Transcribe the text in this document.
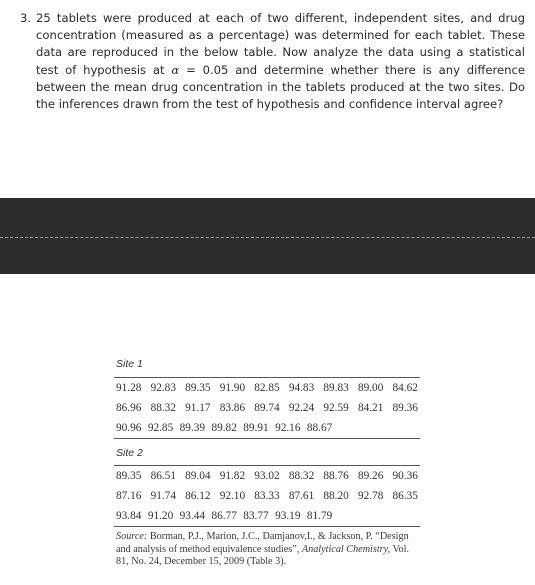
3. 25 tablets were produced at each of two different, independent sites, and drug concentration (measured as a percentage) was determined for each tablet. These data are reproduced in the below table. Now analyze the data using a statistical test of hypothesis at α = 0.05 and determine whether there is any difference between the mean drug concentration in the tablets produced at the two sites. Do the inferences drawn from the test of hypothesis and confidence interval agree?
Site 1
91.28 92.83 89.35 91.90 82.85 94.83 89.83 89.00 84.62
86.96 88.32 91.17 83.86 89.74 92.24 92.59 84.21 89.36
90.96 92.85 89.39 89.82 89.91 92.16 88.67
Site 2
89.35 86.51 89.04 91.82 93.02 88.32 88.76 89.26 90.36
87.16 91.74 86.12 92.10 83.33 87.61 88.20 92.78 86.35
93.84 91.20 93.44 86.77 83.77 93.19 81.79
Source: Borman, P.J., Marion, J.C., Damjanov,I., & Jackson, P. “Design and analysis of method equivalence studies”, Analytical Chemistry, Vol. 81, No. 24, December 15, 2009 (Table 3).
